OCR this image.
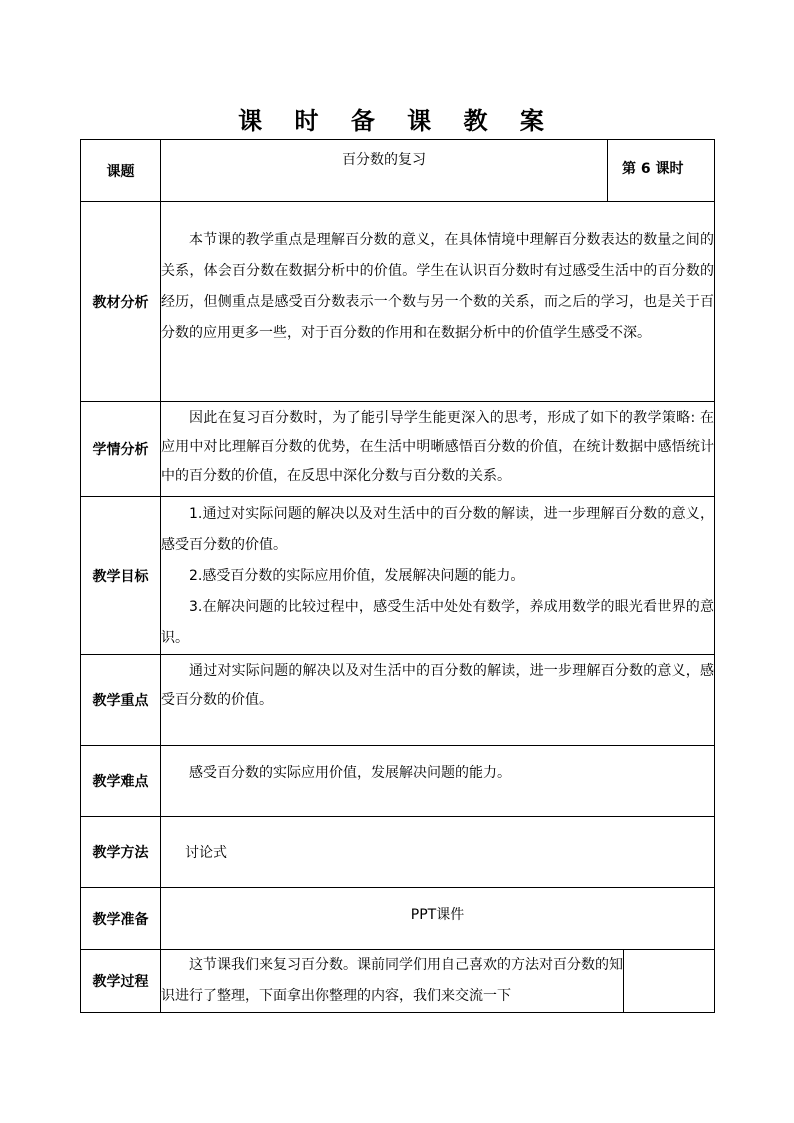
课 时 备 课 教 案
课题	百分数的复习	第 6 课时	
教材分析	本节课的教学重点是理解百分数的意义，在具体情境中理解百分数表达的数量之间的关系，体会百分数在数据分析中的价值。学生在认识百分数时有过感受生活中的百分数的经历，但侧重点是感受百分数表示一个数与另一个数的关系，而之后的学习，也是关于百分数的应用更多一些，对于百分数的作用和在数据分析中的价值学生感受不深。		

学情分析	因此在复习百分数时，为了能引导学生能更深入的思考，形成了如下的教学策略: 在应用中对比理解百分数的优势，在生活中明晰感悟百分数的价值，在统计数据中感悟统计中的百分数的价值，在反思中深化分数与百分数的关系。		

教学目标	1.通过对实际问题的解决以及对生活中的百分数的解读，进一步理解百分数的意义，感受百分数的价值。

2.感受百分数的实际应用价值，发展解决问题的能力。

3.在解决问题的比较过程中，感受生活中处处有数学，养成用数学的眼光看世界的意识。		

教学重点	通过对实际问题的解决以及对生活中的百分数的解读，进一步理解百分数的意义，感受百分数的价值。		

教学难点	感受百分数的实际应用价值，发展解决问题的能力。		

教学方法	讨论式		

教学准备	PPT课件		
教学过程	这节课我们来复习百分数。课前同学们用自己喜欢的方法对百分数的知识进行了整理，下面拿出你整理的内容，我们来交流一下		
